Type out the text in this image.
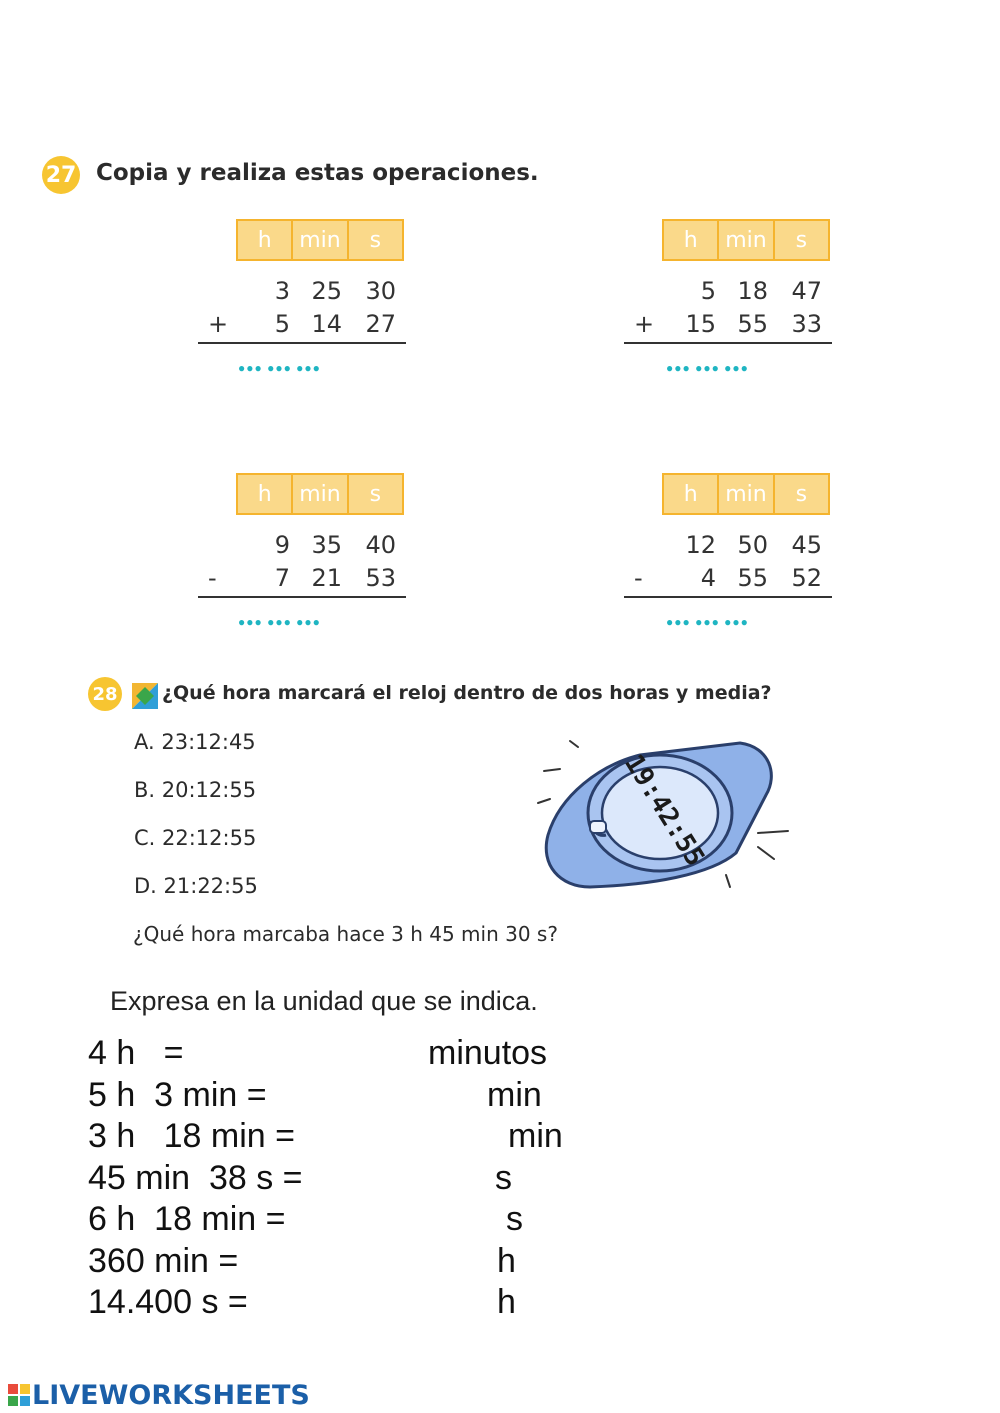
27 Copia y realiza estas operaciones.
h	min	s
3 25 30
+	5 14 27
●●● ●●● ●●●
h	min	s
5 18 47
+	15 55 33
●●● ●●● ●●●
h	min	s
9 35 40
-	7 21 53
●●● ●●● ●●●
h	min	s
12 50 45
-	4 55 52
●●● ●●● ●●●
28 ¿Qué hora marcará el reloj dentro de dos horas y media?
A. 23:12:45
B. 20:12:55
C. 22:12:55
D. 21:22:55
¿Qué hora marcaba hace 3 h 45 min 30 s?
19:42:55
Expresa en la unidad que se indica.
4 h   =	minutos
5 h  3 min =	min
3 h   18 min =	min
45 min  38 s =	s
6 h  18 min =	s
360 min =	h
14.400 s =	h
LIVEWORKSHEETS
